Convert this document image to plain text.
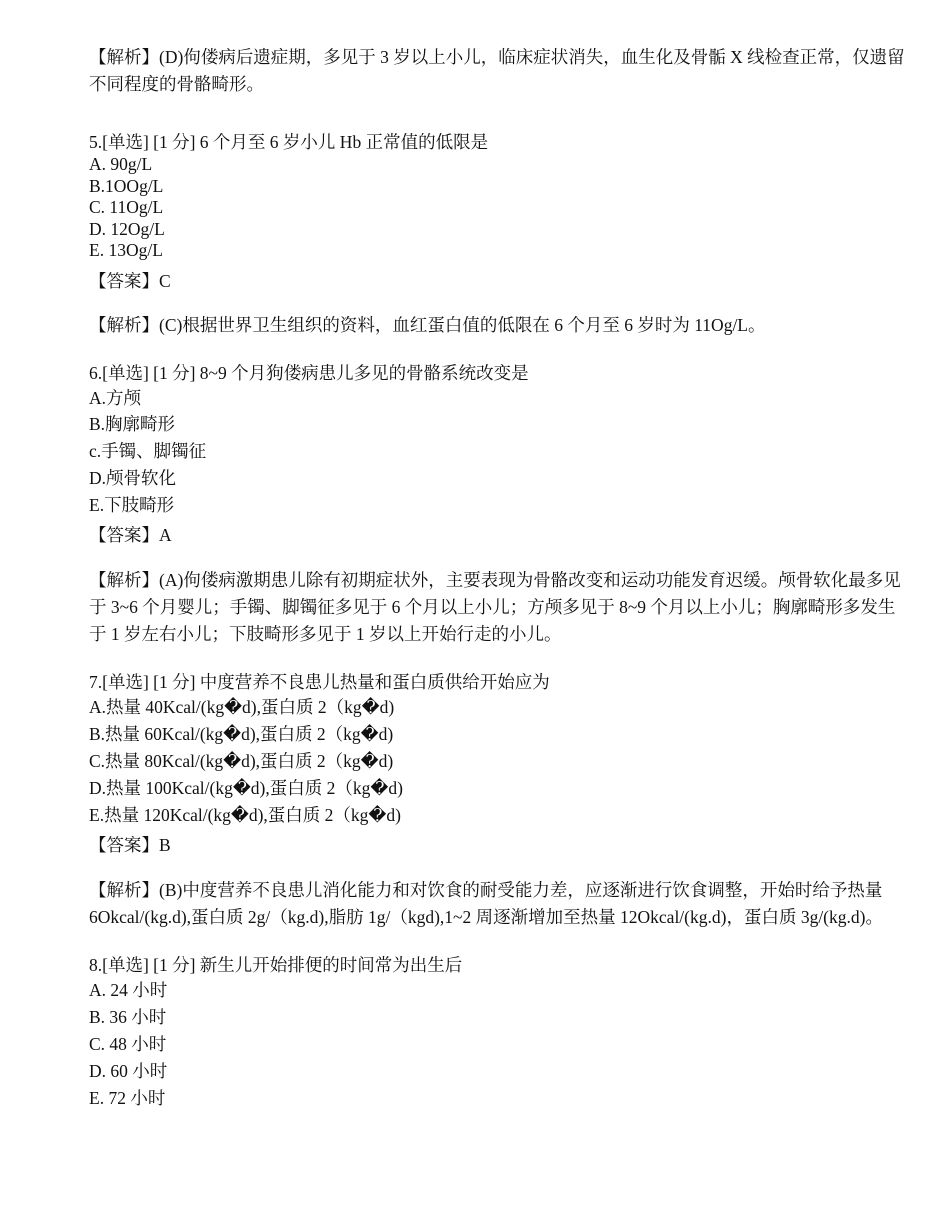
【解析】(D)佝偻病后遗症期，多见于 3 岁以上小儿，临床症状消失，血生化及骨骺 X 线检查正常，仅遗留不同程度的骨骼畸形。

5.[单选] [1 分] 6 个月至 6 岁小儿 Hb 正常值的低限是

A. 90g/L

B.1OOg/L

C. 11Og/L

D. 12Og/L

E. 13Og/L

【答案】C

【解析】(C)根据世界卫生组织的资料，血红蛋白值的低限在 6 个月至 6 岁时为 11Og/L。

6.[单选] [1 分] 8~9 个月狗偻病患儿多见的骨骼系统改变是

A.方颅

B.胸廓畸形

c.手镯、脚镯征

D.颅骨软化

E.下肢畸形

【答案】A

【解析】(A)佝偻病激期患儿除有初期症状外，主要表现为骨骼改变和运动功能发育迟缓。颅骨软化最多见于 3~6 个月婴儿；手镯、脚镯征多见于 6 个月以上小儿；方颅多见于 8~9 个月以上小儿；胸廓畸形多发生于 1 岁左右小儿；下肢畸形多见于 1 岁以上开始行走的小儿。

7.[单选] [1 分] 中度营养不良患儿热量和蛋白质供给开始应为

A.热量 40Kcal/(kg�d),蛋白质 2（kg�d)

B.热量 60Kcal/(kg�d),蛋白质 2（kg�d)

C.热量 80Kcal/(kg�d),蛋白质 2（kg�d)

D.热量 100Kcal/(kg�d),蛋白质 2（kg�d)

E.热量 120Kcal/(kg�d),蛋白质 2（kg�d)

【答案】B

【解析】(B)中度营养不良患儿消化能力和对饮食的耐受能力差，应逐渐进行饮食调整，开始时给予热量 6Okcal/(kg.d),蛋白质 2g/（kg.d),脂肪 1g/（kgd),1~2 周逐渐增加至热量 12Okcal/(kg.d)，蛋白质 3g/(kg.d)。

8.[单选] [1 分] 新生儿开始排便的时间常为出生后

A. 24 小时

B. 36 小时

C. 48 小时

D. 60 小时

E. 72 小时
